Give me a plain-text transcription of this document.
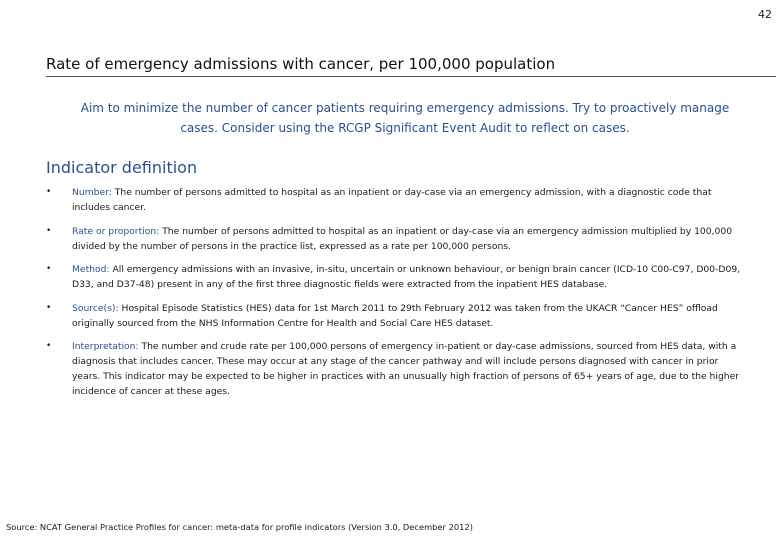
42
Rate of emergency admissions with cancer, per 100,000 population
Aim to minimize the number of cancer patients requiring emergency admissions. Try to proactively manage cases. Consider using the RCGP Significant Event Audit to reflect on cases.
Indicator definition
• Number: The number of persons admitted to hospital as an inpatient or day-case via an emergency admission, with a diagnostic code that includes cancer.
• Rate or proportion: The number of persons admitted to hospital as an inpatient or day-case via an emergency admission multiplied by 100,000 divided by the number of persons in the practice list, expressed as a rate per 100,000 persons.
• Method: All emergency admissions with an invasive, in-situ, uncertain or unknown behaviour, or benign brain cancer (ICD-10 C00-C97, D00-D09, D33, and D37-48) present in any of the first three diagnostic fields were extracted from the inpatient HES database.
• Source(s): Hospital Episode Statistics (HES) data for 1st March 2011 to 29th February 2012 was taken from the UKACR “Cancer HES” offload originally sourced from the NHS Information Centre for Health and Social Care HES dataset.
• Interpretation: The number and crude rate per 100,000 persons of emergency in-patient or day-case admissions, sourced from HES data, with a diagnosis that includes cancer. These may occur at any stage of the cancer pathway and will include persons diagnosed with cancer in prior years. This indicator may be expected to be higher in practices with an unusually high fraction of persons of 65+ years of age, due to the higher incidence of cancer at these ages.
Source: NCAT General Practice Profiles for cancer: meta-data for profile indicators (Version 3.0, December 2012)
